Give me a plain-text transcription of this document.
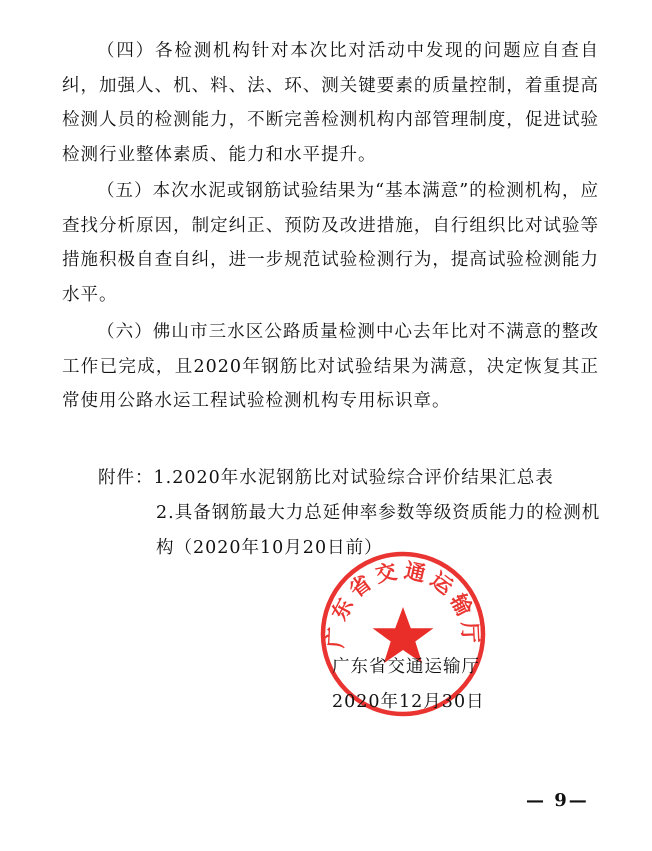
（四）各检测机构针对本次比对活动中发现的问题应自查自纠，加强人、机、料、法、环、测关键要素的质量控制，着重提高检测人员的检测能力，不断完善检测机构内部管理制度，促进试验检测行业整体素质、能力和水平提升。

（五）本次水泥或钢筋试验结果为“基本满意”的检测机构，应查找分析原因，制定纠正、预防及改进措施，自行组织比对试验等措施积极自查自纠，进一步规范试验检测行为，提高试验检测能力水平。

（六）佛山市三水区公路质量检测中心去年比对不满意的整改工作已完成，且2020年钢筋比对试验结果为满意，决定恢复其正常使用公路水运工程试验检测机构专用标识章。

附件：1.2020年水泥钢筋比对试验综合评价结果汇总表

2.具备钢筋最大力总延伸率参数等级资质能力的检测机构（2020年10月20日前）

广东省交通运输厅
广东省交通运输厅
2020年12月30日
— 9—
